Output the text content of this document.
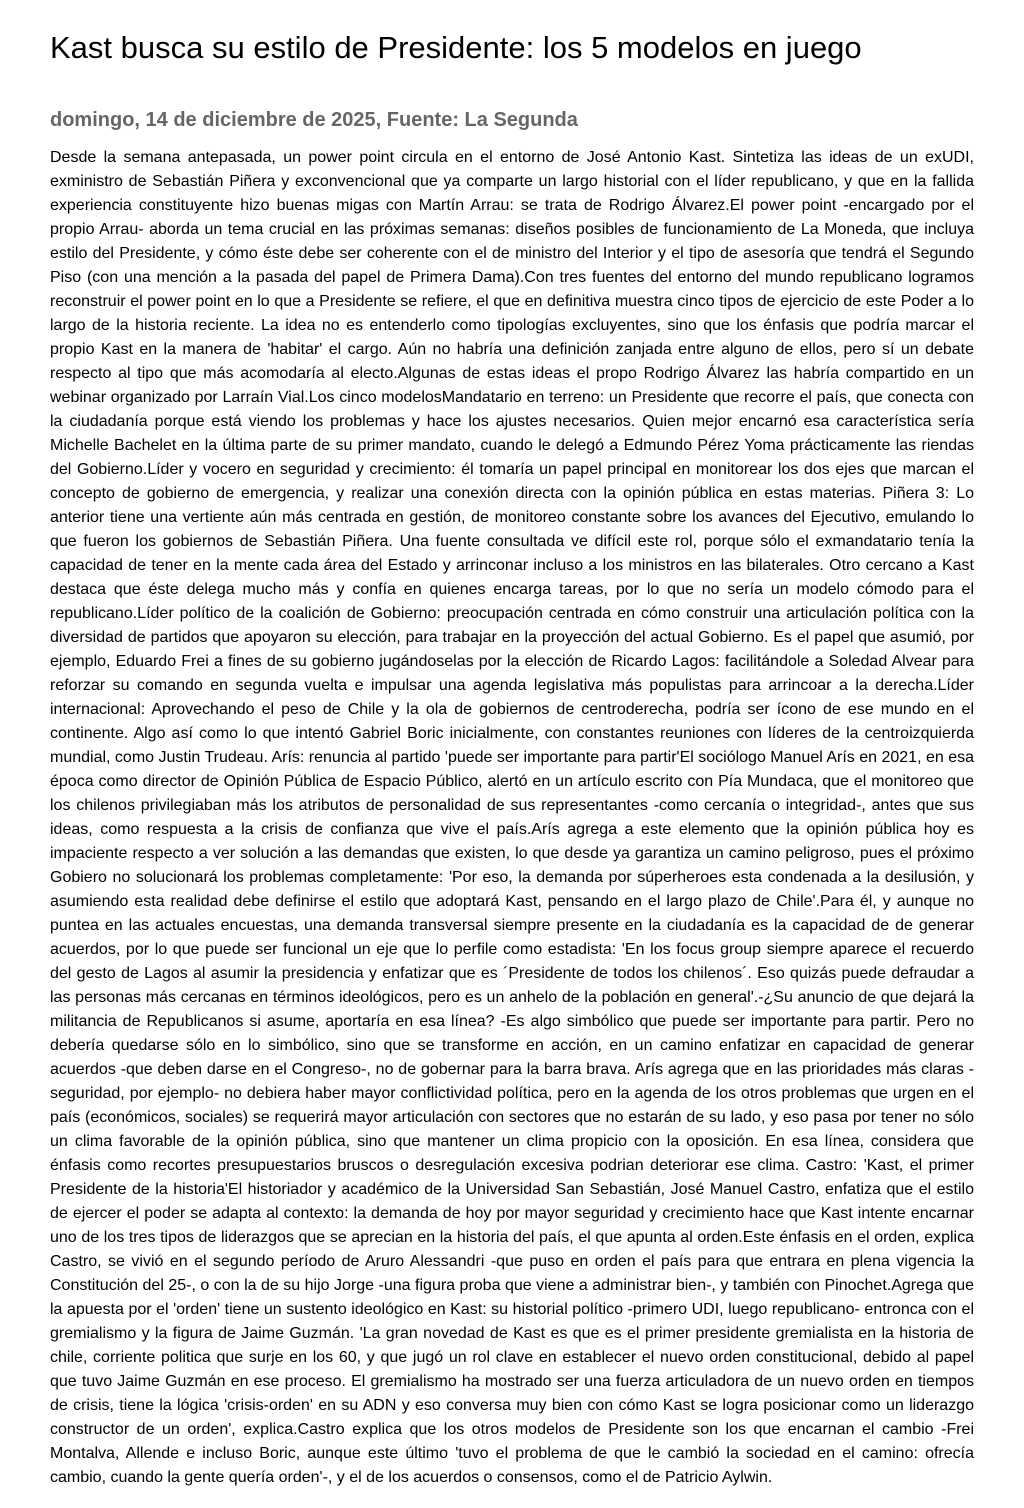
Kast busca su estilo de Presidente: los 5 modelos en juego
domingo, 14 de diciembre de 2025, Fuente: La Segunda

Desde la semana antepasada, un power point circula en el entorno de José Antonio Kast. Sintetiza las ideas de un exUDI, exministro de Sebastián Piñera y exconvencional que ya comparte un largo historial con el líder republicano, y que en la fallida experiencia constituyente hizo buenas migas con Martín Arrau: se trata de Rodrigo Álvarez.El power point -encargado por el propio Arrau- aborda un tema crucial en las próximas semanas: diseños posibles de funcionamiento de La Moneda, que incluya estilo del Presidente, y cómo éste debe ser coherente con el de ministro del Interior y el tipo de asesoría que tendrá el Segundo Piso (con una mención a la pasada del papel de Primera Dama).Con tres fuentes del entorno del mundo republicano logramos reconstruir el power point en lo que a Presidente se refiere, el que en definitiva muestra cinco tipos de ejercicio de este Poder a lo largo de la historia reciente. La idea no es entenderlo como tipologías excluyentes, sino que los énfasis que podría marcar el propio Kast en la manera de 'habitar' el cargo. Aún no habría una definición zanjada entre alguno de ellos, pero sí un debate respecto al tipo que más acomodaría al electo.Algunas de estas ideas el propo Rodrigo Álvarez las habría compartido en un webinar organizado por Larraín Vial.Los cinco modelosMandatario en terreno: un Presidente que recorre el país, que conecta con la ciudadanía porque está viendo los problemas y hace los ajustes necesarios. Quien mejor encarnó esa característica sería Michelle Bachelet en la última parte de su primer mandato, cuando le delegó a Edmundo Pérez Yoma prácticamente las riendas del Gobierno.Líder y vocero en seguridad y crecimiento: él tomaría un papel principal en monitorear los dos ejes que marcan el concepto de gobierno de emergencia, y realizar una conexión directa con la opinión pública en estas materias. Piñera 3: Lo anterior tiene una vertiente aún más centrada en gestión, de monitoreo constante sobre los avances del Ejecutivo, emulando lo que fueron los gobiernos de Sebastián Piñera. Una fuente consultada ve difícil este rol, porque sólo el exmandatario tenía la capacidad de tener en la mente cada área del Estado y arrinconar incluso a los ministros en las bilaterales. Otro cercano a Kast destaca que éste delega mucho más y confía en quienes encarga tareas, por lo que no sería un modelo cómodo para el republicano.Líder político de la coalición de Gobierno: preocupación centrada en cómo construir una articulación política con la diversidad de partidos que apoyaron su elección, para trabajar en la proyección del actual Gobierno. Es el papel que asumió, por ejemplo, Eduardo Frei a fines de su gobierno jugándoselas por la elección de Ricardo Lagos: facilitándole a Soledad Alvear para reforzar su comando en segunda vuelta e impulsar una agenda legislativa más populistas para arrincoar a la derecha.Líder internacional: Aprovechando el peso de Chile y la ola de gobiernos de centroderecha, podría ser ícono de ese mundo en el continente. Algo así como lo que intentó Gabriel Boric inicialmente, con constantes reuniones con líderes de la centroizquierda mundial, como Justin Trudeau. Arís: renuncia al partido 'puede ser importante para partir'El sociólogo Manuel Arís en 2021, en esa época como director de Opinión Pública de Espacio Público, alertó en un artículo escrito con Pía Mundaca, que el monitoreo que los chilenos privilegiaban más los atributos de personalidad de sus representantes -como cercanía o integridad-, antes que sus ideas, como respuesta a la crisis de confianza que vive el país.Arís agrega a este elemento que la opinión pública hoy es impaciente respecto a ver solución a las demandas que existen, lo que desde ya garantiza un camino peligroso, pues el próximo Gobiero no solucionará los problemas completamente: 'Por eso, la demanda por súperheroes esta condenada a la desilusión, y asumiendo esta realidad debe definirse el estilo que adoptará Kast, pensando en el largo plazo de Chile'.Para él, y aunque no puntea en las actuales encuestas, una demanda transversal siempre presente en la ciudadanía es la capacidad de de generar acuerdos, por lo que puede ser funcional un eje que lo perfile como estadista: 'En los focus group siempre aparece el recuerdo del gesto de Lagos al asumir la presidencia y enfatizar que es ´Presidente de todos los chilenos´. Eso quizás puede defraudar a las personas más cercanas en términos ideológicos, pero es un anhelo de la población en general'.-¿Su anuncio de que dejará la militancia de Republicanos si asume, aportaría en esa línea? -Es algo simbólico que puede ser importante para partir. Pero no debería quedarse sólo en lo simbólico, sino que se transforme en acción, en un camino enfatizar en capacidad de generar acuerdos -que deben darse en el Congreso-, no de gobernar para la barra brava. Arís agrega que en las prioridades más claras -seguridad, por ejemplo- no debiera haber mayor conflictividad política, pero en la agenda de los otros problemas que urgen en el país (económicos, sociales) se requerirá mayor articulación con sectores que no estarán de su lado, y eso pasa por tener no sólo un clima favorable de la opinión pública, sino que mantener un clima propicio con la oposición. En esa línea, considera que énfasis como recortes presupuestarios bruscos o desregulación excesiva podrian deteriorar ese clima. Castro: 'Kast, el primer Presidente de la historia'El historiador y académico de la Universidad San Sebastián, José Manuel Castro, enfatiza que el estilo de ejercer el poder se adapta al contexto: la demanda de hoy por mayor seguridad y crecimiento hace que Kast intente encarnar uno de los tres tipos de liderazgos que se aprecian en la historia del país, el que apunta al orden.Este énfasis en el orden, explica Castro, se vivió en el segundo período de Aruro Alessandri -que puso en orden el país para que entrara en plena vigencia la Constitución del 25-, o con la de su hijo Jorge -una figura proba que viene a administrar bien-, y también con Pinochet.Agrega que la apuesta por el 'orden' tiene un sustento ideológico en Kast: su historial político -primero UDI, luego republicano- entronca con el gremialismo y la figura de Jaime Guzmán. 'La gran novedad de Kast es que es el primer presidente gremialista en la historia de chile, corriente politica que surje en los 60, y que jugó un rol clave en establecer el nuevo orden constitucional, debido al papel que tuvo Jaime Guzmán en ese proceso. El gremialismo ha mostrado ser una fuerza articuladora de un nuevo orden en tiempos de crisis, tiene la lógica 'crisis-orden' en su ADN y eso conversa muy bien con cómo Kast se logra posicionar como un liderazgo constructor de un orden', explica.Castro explica que los otros modelos de Presidente son los que encarnan el cambio -Frei Montalva, Allende e incluso Boric, aunque este último 'tuvo el problema de que le cambió la sociedad en el camino: ofrecía cambio, cuando la gente quería orden'-, y el de los acuerdos o consensos, como el de Patricio Aylwin.
